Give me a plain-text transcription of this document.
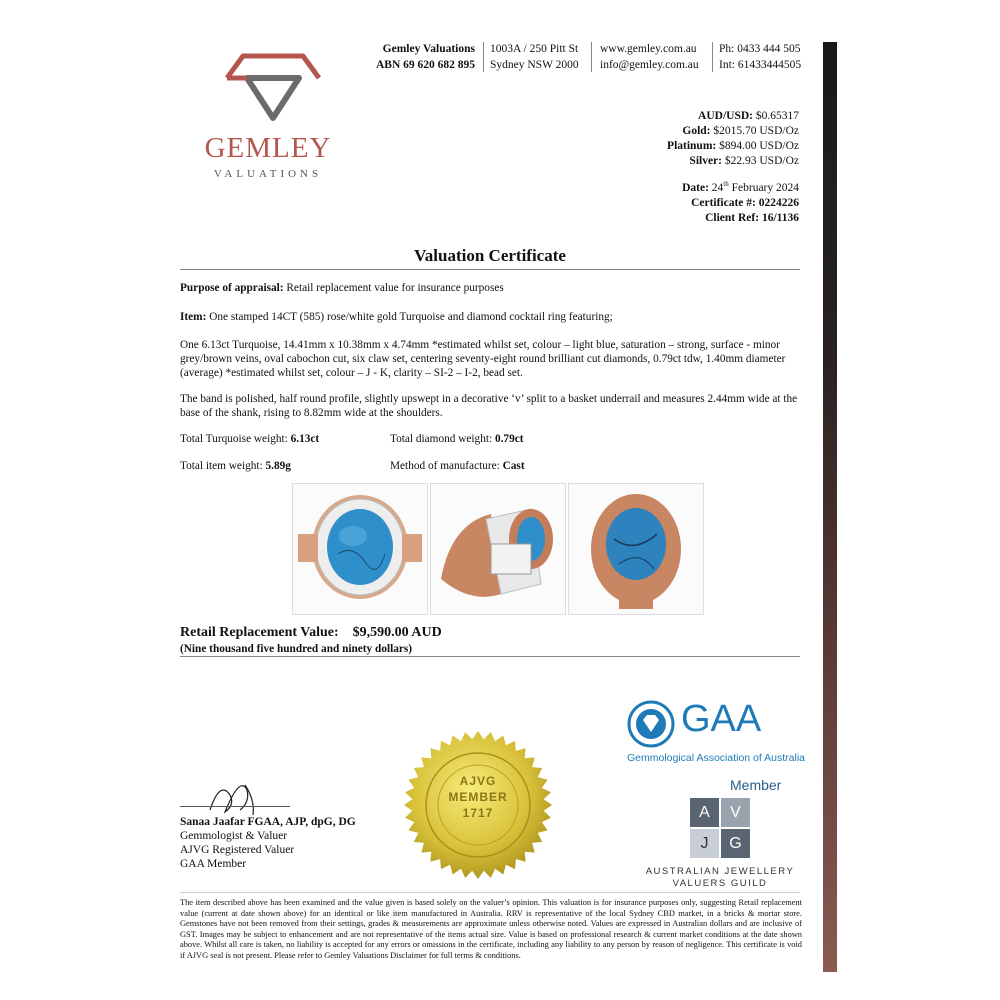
GEMLEY
VALUATIONS
Gemley Valuations
ABN 69 620 682 895
1003A / 250 Pitt St
Sydney NSW 2000
www.gemley.com.au
info@gemley.com.au
Ph: 0433 444 505
Int: 61433444505
AUD/USD: $0.65317
Gold: $2015.70 USD/Oz
Platinum: $894.00 USD/Oz
Silver: $22.93 USD/Oz
Date: 24th February 2024
Certificate #: 0224226
Client Ref: 16/1136
Valuation Certificate
Purpose of appraisal: Retail replacement value for insurance purposes
Item: One stamped 14CT (585) rose/white gold Turquoise and diamond cocktail ring featuring;
One 6.13ct Turquoise, 14.41mm x 10.38mm x 4.74mm *estimated whilst set, colour – light blue, saturation – strong, surface - minor grey/brown veins, oval cabochon cut, six claw set, centering seventy-eight round brilliant cut diamonds, 0.79ct tdw, 1.40mm diameter (average) *estimated whilst set, colour – J - K, clarity – SI-2 – I-2, bead set.
The band is polished, half round profile, slightly upswept in a decorative ‘v’ split to a basket underrail and measures 2.44mm wide at the base of the shank, rising to 8.82mm wide at the shoulders.
Total Turquoise weight: 6.13ct	Total diamond weight: 0.79ct
Total item weight: 5.89g	Method of manufacture: Cast
Retail Replacement Value: $9,590.00 AUD
(Nine thousand five hundred and ninety dollars)
AJVG
MEMBER
1717
Sanaa Jaafar FGAA, AJP, dpG, DG
Gemmologist & Valuer
AJVG Registered Valuer
GAA Member
GAA
Gemmological Association of Australia
Member
A	V
J	G
AUSTRALIAN JEWELLERY
VALUERS GUILD
The item described above has been examined and the value given is based solely on the valuer’s opinion. This valuation is for insurance purposes only, suggesting Retail replacement value (current at date shown above) for an identical or like item manufactured in Australia. RRV is representative of the local Sydney CBD market, in a bricks & mortar store. Gemstones have not been removed from their settings, grades & measurements are approximate unless otherwise noted. Values are expressed in Australian dollars and are inclusive of GST. Images may be subject to enhancement and are not representative of the items actual size. Value is based on professional research & current market conditions at the date shown above. Whilst all care is taken, no liability is accepted for any errors or omissions in the certificate, including any liability to any person by reason of negligence. This certificate is void if AJVG seal is not present. Please refer to Gemley Valuations Disclaimer for full terms & conditions.
